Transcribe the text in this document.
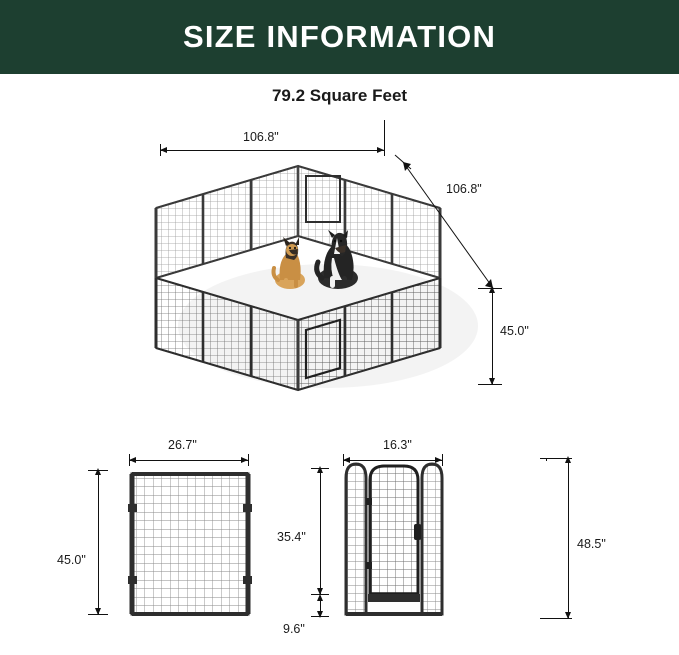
SIZE INFORMATION
79.2 Square Feet
106.8"
106.8"
45.0"
26.7"
45.0"
16.3"
35.4"
9.6"
48.5"
